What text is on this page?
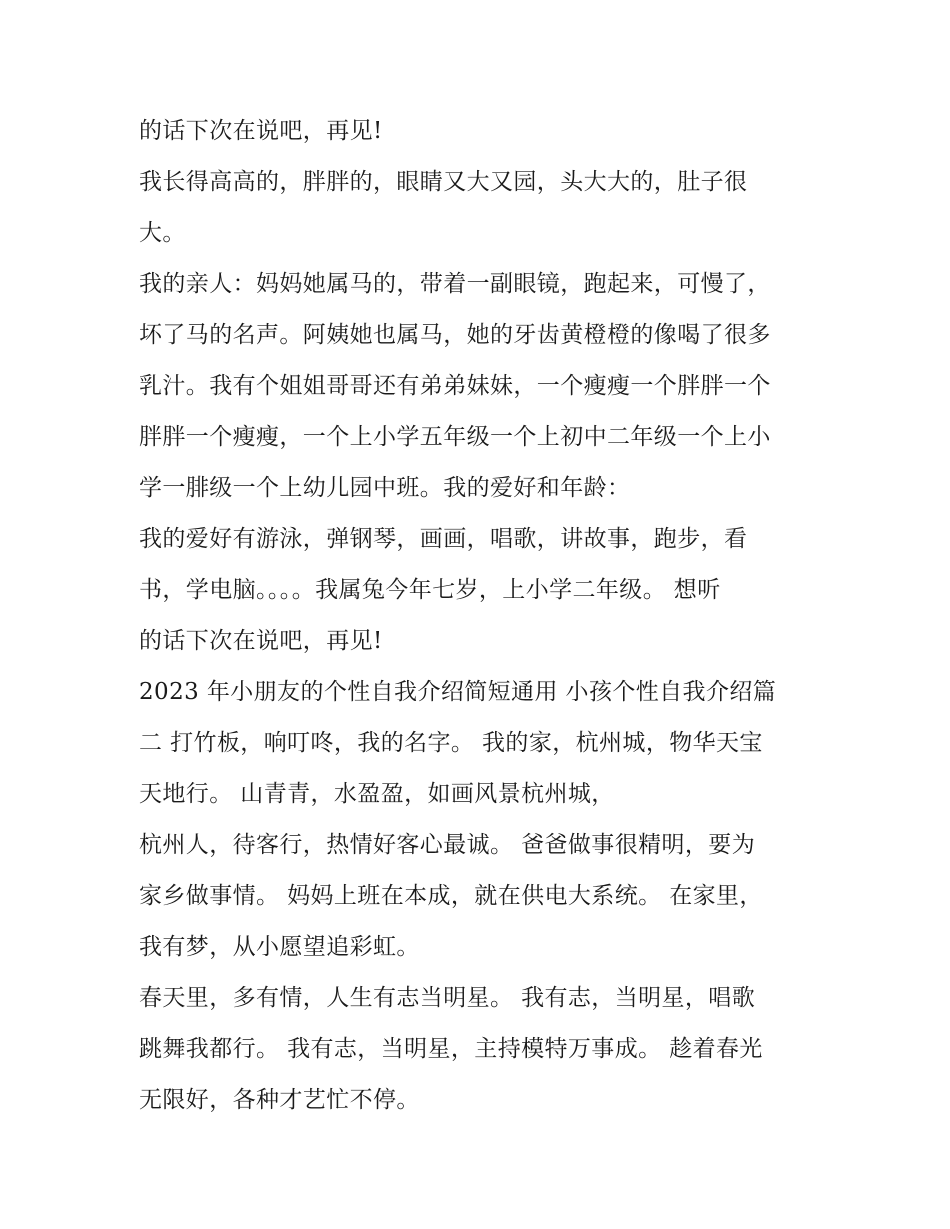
的话下次在说吧，再见!
我长得高高的，胖胖的，眼睛又大又园，头大大的，肚子很
大。
我的亲人：妈妈她属马的，带着一副眼镜，跑起来，可慢了，
坏了马的名声。阿姨她也属马，她的牙齿黄橙橙的像喝了很多
乳汁。我有个姐姐哥哥还有弟弟妹妹，一个瘦瘦一个胖胖一个
胖胖一个瘦瘦，一个上小学五年级一个上初中二年级一个上小
学一腓级一个上幼儿园中班。我的爱好和年龄：
我的爱好有游泳，弹钢琴，画画，唱歌，讲故事，跑步，看
书，学电脑。。。。我属兔今年七岁，上小学二年级。 想听
的话下次在说吧，再见!
2023 年小朋友的个性自我介绍简短通用 小孩个性自我介绍篇
二 打竹板，响叮咚，我的名字。 我的家，杭州城，物华天宝
天地行。 山青青，水盈盈，如画风景杭州城，
杭州人，待客行，热情好客心最诚。 爸爸做事很精明，要为
家乡做事情。 妈妈上班在本成，就在供电大系统。 在家里，
我有梦，从小愿望追彩虹。
春天里，多有情，人生有志当明星。 我有志，当明星，唱歌
跳舞我都行。 我有志，当明星，主持模特万事成。 趁着春光
无限好，各种才艺忙不停。
